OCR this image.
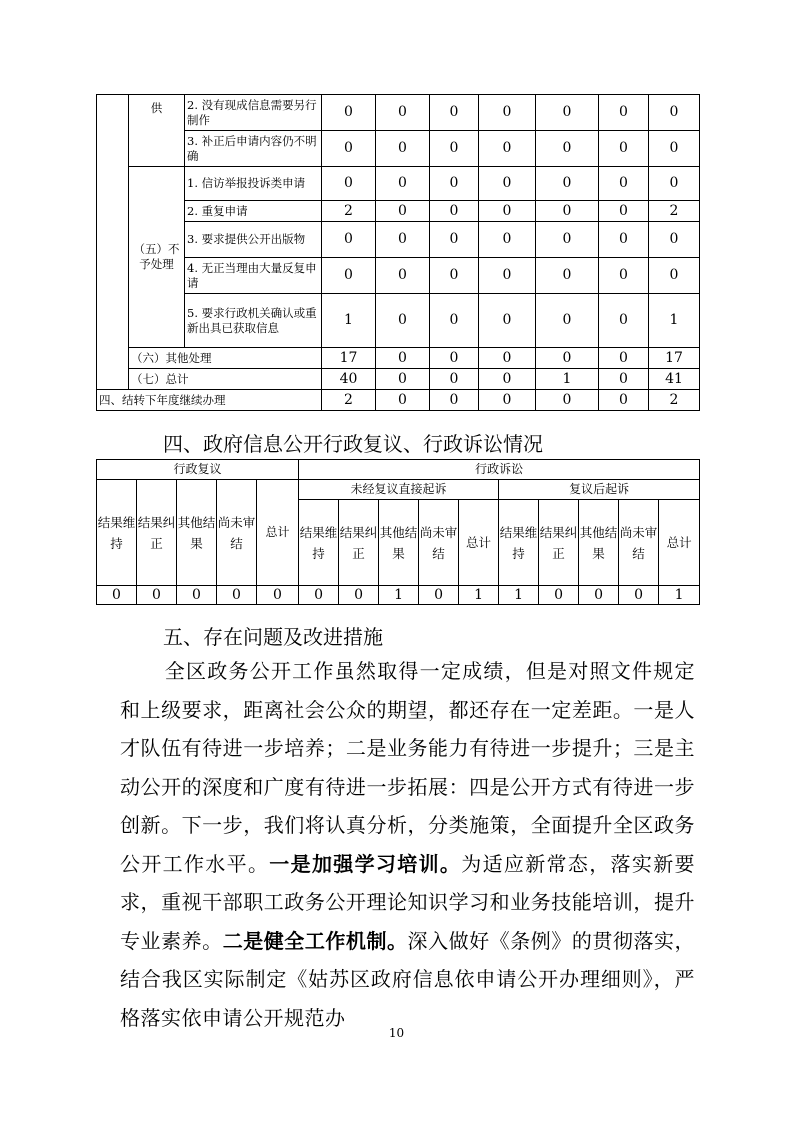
	供	2. 没有现成信息需要另行制作	0	0	0	0	0	0	0
		3. 补正后申请内容仍不明确	0	0	0	0	0	0	0
	（五）不予处理	1. 信访举报投诉类申请	0	0	0	0	0	0	0
		2. 重复申请	2	0	0	0	0	0	2
		3. 要求提供公开出版物	0	0	0	0	0	0	0
		4. 无正当理由大量反复申请	0	0	0	0	0	0	0
		5. 要求行政机关确认或重新出具已获取信息	1	0	0	0	0	0	1
	（六）其他处理		17	0	0	0	0	0	17
	（七）总计		40	0	0	0	1	0	41
四、结转下年度继续办理			2	0	0	0	0	0	2
四、政府信息公开行政复议、行政诉讼情况
行政复议					行政诉讼									
结果维持	结果纠正	其他结果	尚未审结	总计	未经复议直接起诉					复议后起诉				
					结果维持	结果纠正	其他结果	尚未审结	总计	结果维持	结果纠正	其他结果	尚未审结	总计
0	0	0	0	0	0	0	1	0	1	1	0	0	0	1
五、存在问题及改进措施
全区政务公开工作虽然取得一定成绩，但是对照文件规定和上级要求，距离社会公众的期望，都还存在一定差距。一是人才队伍有待进一步培养；二是业务能力有待进一步提升；三是主动公开的深度和广度有待进一步拓展：四是公开方式有待进一步创新。下一步，我们将认真分析，分类施策，全面提升全区政务公开工作水平。一是加强学习培训。为适应新常态，落实新要求，重视干部职工政务公开理论知识学习和业务技能培训，提升专业素养。二是健全工作机制。深入做好《条例》的贯彻落实，结合我区实际制定《姑苏区政府信息依申请公开办理细则》，严格落实依申请公开规范办
10
